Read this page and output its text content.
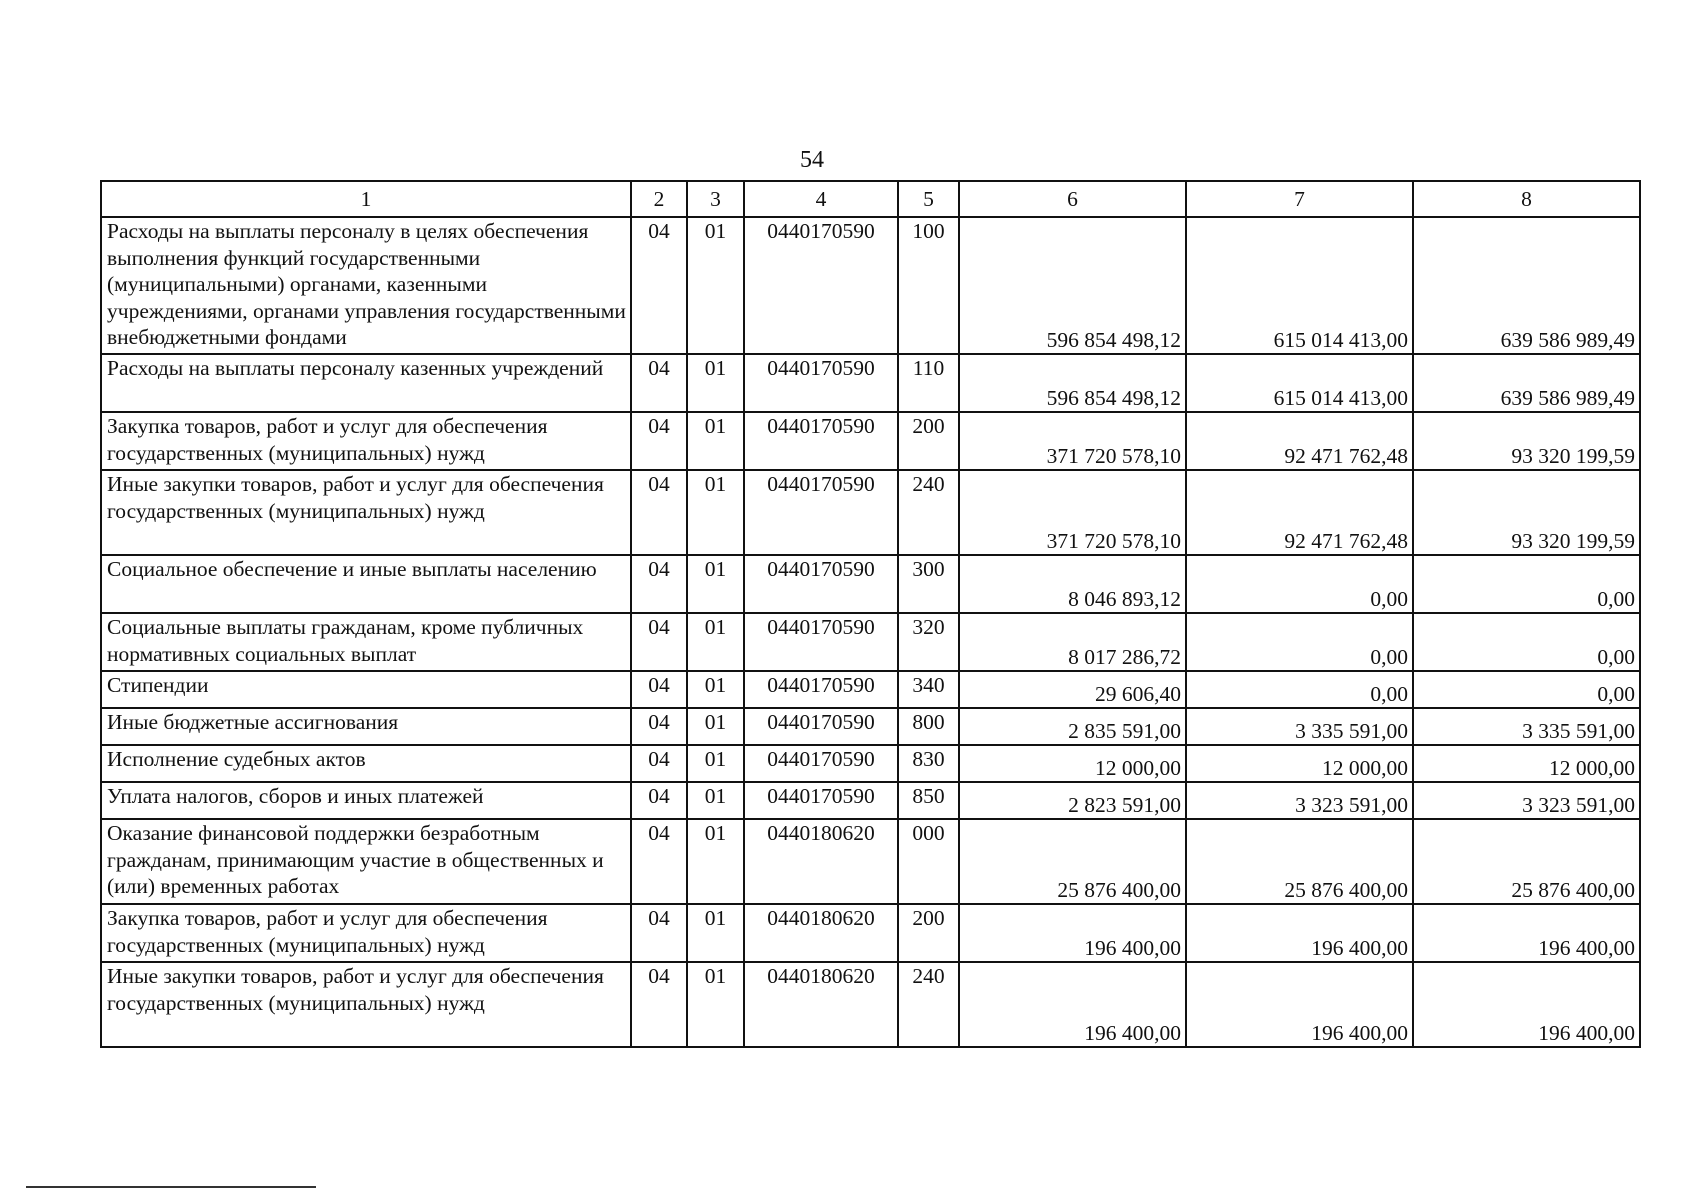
54
1	2	3	4	5	6	7	8
Расходы на выплаты персоналу в целях обеспечения выполнения функций государственными (муниципальными) органами, казенными учреждениями, органами управления государственными внебюджетными фондами	04	01	0440170590	100	596 854 498,12	615 014 413,00	639 586 989,49
Расходы на выплаты персоналу казенных учреждений	04	01	0440170590	110	596 854 498,12	615 014 413,00	639 586 989,49
Закупка товаров, работ и услуг для обеспечения государственных (муниципальных) нужд	04	01	0440170590	200	371 720 578,10	92 471 762,48	93 320 199,59
Иные закупки товаров, работ и услуг для обеспечения государственных (муниципальных) нужд	04	01	0440170590	240	371 720 578,10	92 471 762,48	93 320 199,59
Социальное обеспечение и иные выплаты населению	04	01	0440170590	300	8 046 893,12	0,00	0,00
Социальные выплаты гражданам, кроме публичных нормативных социальных выплат	04	01	0440170590	320	8 017 286,72	0,00	0,00
Стипендии	04	01	0440170590	340	29 606,40	0,00	0,00
Иные бюджетные ассигнования	04	01	0440170590	800	2 835 591,00	3 335 591,00	3 335 591,00
Исполнение судебных актов	04	01	0440170590	830	12 000,00	12 000,00	12 000,00
Уплата налогов, сборов и иных платежей	04	01	0440170590	850	2 823 591,00	3 323 591,00	3 323 591,00
Оказание финансовой поддержки безработным гражданам, принимающим участие в общественных и (или) временных работах	04	01	0440180620	000	25 876 400,00	25 876 400,00	25 876 400,00
Закупка товаров, работ и услуг для обеспечения государственных (муниципальных) нужд	04	01	0440180620	200	196 400,00	196 400,00	196 400,00
Иные закупки товаров, работ и услуг для обеспечения государственных (муниципальных) нужд	04	01	0440180620	240	196 400,00	196 400,00	196 400,00
